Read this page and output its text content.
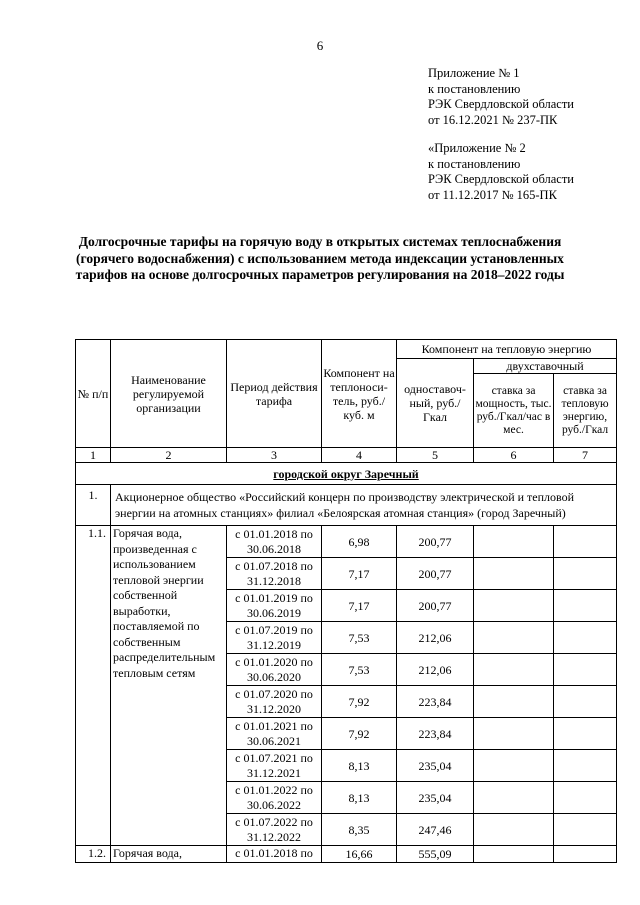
6
Приложение № 1
к постановлению
РЭК Свердловской области
от 16.12.2021 № 237-ПК
«Приложение № 2
к постановлению
РЭК Свердловской области
от 11.12.2017 № 165-ПК
Долгосрочные тарифы на горячую воду в открытых системах теплоснабжения (горячего водоснабжения) с использованием метода индексации установленных тарифов на основе долгосрочных параметров регулирования на 2018–2022 годы
№ п/п	Наименование регулируемой организации	Период действия тарифа	Компонент на теплоноси-тель, руб./куб. м	Компонент на тепловую энергию		
				одноставоч-ный, руб./Гкал	двухставочный	
					ставка за мощность, тыс. руб./Гкал/час в мес.	ставка за тепловую энергию, руб./Гкал
1	2	3	4	5	6	7
городской округ Заречный						
1.	Акционерное общество «Российский концерн по производству электрической и тепловой энергии на атомных станциях» филиал «Белоярская атомная станция» (город Заречный)					
1.1.	Горячая вода, произведенная с использованием тепловой энергии собственной выработки, поставляемой по собственным распределительным тепловым сетям	с 01.01.2018 по 30.06.2018	6,98	200,77		
		с 01.07.2018 по 31.12.2018	7,17	200,77		
		с 01.01.2019 по 30.06.2019	7,17	200,77		
		с 01.07.2019 по 31.12.2019	7,53	212,06		
		с 01.01.2020 по 30.06.2020	7,53	212,06		
		с 01.07.2020 по 31.12.2020	7,92	223,84		
		с 01.01.2021 по 30.06.2021	7,92	223,84		
		с 01.07.2021 по 31.12.2021	8,13	235,04		
		с 01.01.2022 по 30.06.2022	8,13	235,04		
		с 01.07.2022 по 31.12.2022	8,35	247,46		
1.2.	Горячая вода,	с 01.01.2018 по	16,66	555,09		
